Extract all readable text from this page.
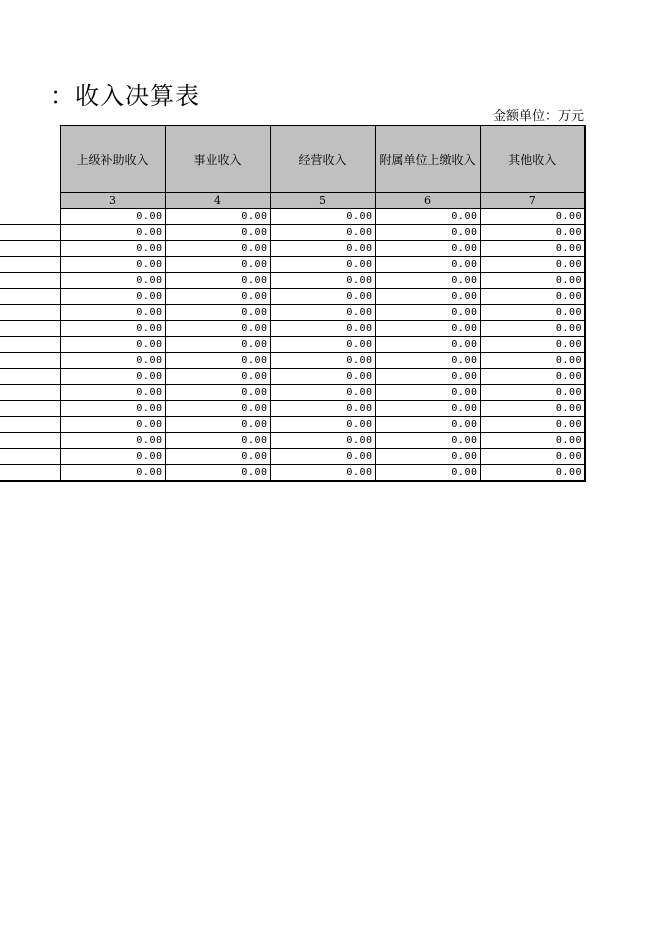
：收入决算表
金额单位：万元
	上级补助收入	事业收入	经营收入	附属单位上缴收入	其他收入
	3	4	5	6	7
	0.00	0.00	0.00	0.00	0.00
	0.00	0.00	0.00	0.00	0.00
	0.00	0.00	0.00	0.00	0.00
	0.00	0.00	0.00	0.00	0.00
	0.00	0.00	0.00	0.00	0.00
	0.00	0.00	0.00	0.00	0.00
	0.00	0.00	0.00	0.00	0.00
	0.00	0.00	0.00	0.00	0.00
	0.00	0.00	0.00	0.00	0.00
	0.00	0.00	0.00	0.00	0.00
	0.00	0.00	0.00	0.00	0.00
	0.00	0.00	0.00	0.00	0.00
	0.00	0.00	0.00	0.00	0.00
	0.00	0.00	0.00	0.00	0.00
	0.00	0.00	0.00	0.00	0.00
	0.00	0.00	0.00	0.00	0.00
	0.00	0.00	0.00	0.00	0.00
